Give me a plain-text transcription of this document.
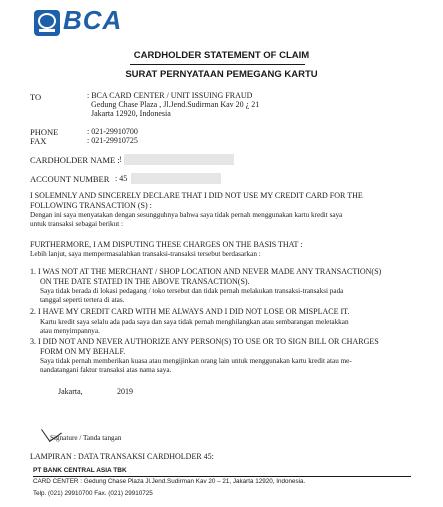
BCA
CARDHOLDER STATEMENT OF CLAIM
SURAT PERNYATAAN PEMEGANG KARTU
TO	: BCA CARD CENTER / UNIT ISSUING FRAUD
Gedung Chase Plaza , Jl.Jend.Sudirman Kav 20 ¿ 21
Jakarta 12920, Indonesia
PHONE	: 021-29910700
FAX	: 021-29910725
CARDHOLDER NAME : !
ACCOUNT NUMBER : 45
I SOLEMNLY AND SINCERELY DECLARE THAT I DID NOT USE MY CREDIT CARD FOR THE
FOLLOWING TRANSACTION (S) :
Dengan ini saya menyatakan dengan sesungguhnya bahwa saya tidak pernah menggunakan kartu kredit saya
untuk transaksi sebagai berikut :
FURTHERMORE, I AM DISPUTING THESE CHARGES ON THE BASIS THAT :
Lebih lanjut, saya mempermasalahkan transaksi-transaksi tersebut berdasarkan :
1. I WAS NOT AT THE MERCHANT / SHOP LOCATION AND NEVER MADE ANY TRANSACTION(S)
ON THE DATE STATED IN THE ABOVE TRANSACTION(S).
Saya tidak berada di lokasi pedagang / toko tersebut dan tidak pernah melakukan transaksi-transaksi pada
tanggal seperti tertera di atas.
2. I HAVE MY CREDIT CARD WITH ME ALWAYS AND I DID NOT LOSE OR MISPLACE IT.
Kartu kredit saya selalu ada pada saya dan saya tidak pernah menghilangkan atau sembarangan meletakkan
atau menyimpannya.
3. I DID NOT AND NEVER AUTHORIZE ANY PERSON(S) TO USE OR TO SIGN BILL OR CHARGES
FORM ON MY BEHALF.
Saya tidak pernah memberikan kuasa atau mengijinkan orang lain untuk menggunakan kartu kredit atau me-
nandatangani faktur transaksi atas nama saya.
Jakarta,	2019
Signature / Tanda tangan
LAMPIRAN : DATA TRANSAKSI CARDHOLDER 45:
PT BANK CENTRAL ASIA TBK
CARD CENTER : Gedung Chase Plaza Jl.Jend.Sudirman Kav 20 – 21, Jakarta 12920, Indonesia.
Telp. (021) 29910700 Fax. (021) 29910725
